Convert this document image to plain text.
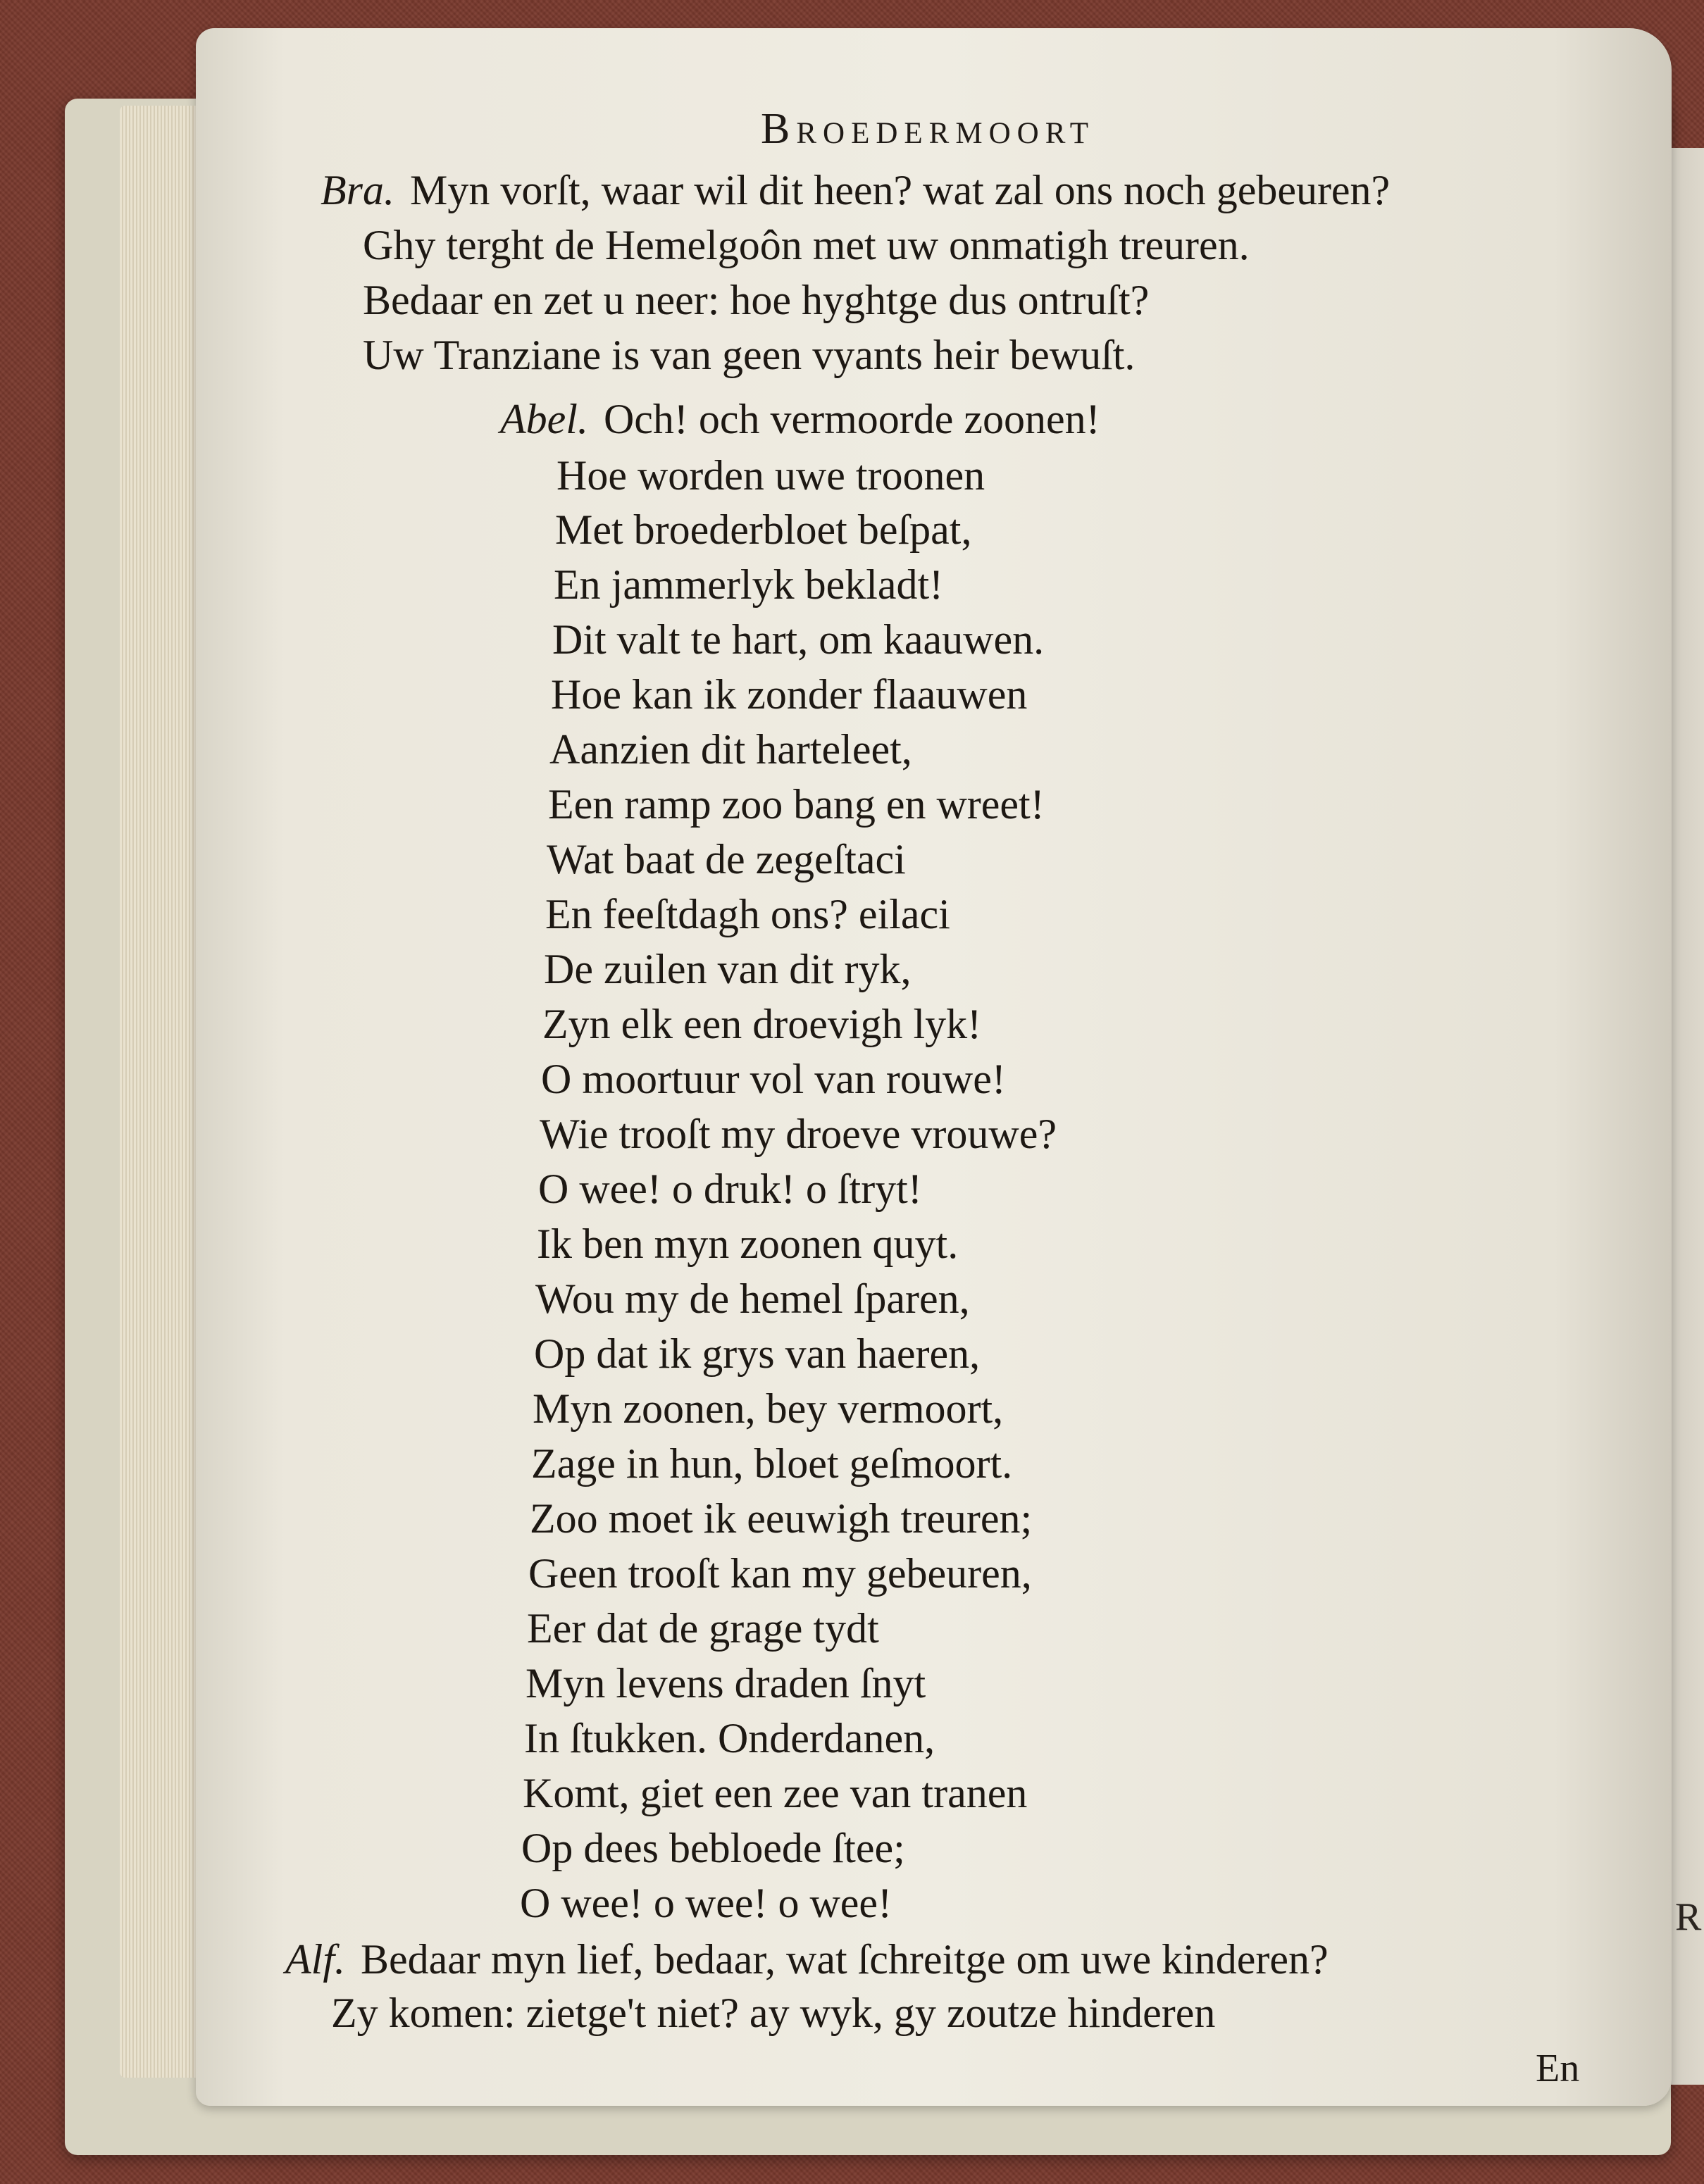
R
Broedermoort
Bra. Myn vorſt, waar wil dit heen? wat zal ons noch gebeuren?
Ghy terght de Hemelgoôn met uw onmatigh treuren.
Bedaar en zet u neer: hoe hyghtge dus ontruſt?
Uw Tranziane is van geen vyants heir bewuſt.
Abel. Och! och vermoorde zoonen!
Hoe worden uwe troonen
Met broederbloet beſpat,
En jammerlyk bekladt!
Dit valt te hart, om kaauwen.
Hoe kan ik zonder flaauwen
Aanzien dit harteleet,
Een ramp zoo bang en wreet!
Wat baat de zegeſtaci
En feeſtdagh ons? eilaci
De zuilen van dit ryk,
Zyn elk een droevigh lyk!
O moortuur vol van rouwe!
Wie trooſt my droeve vrouwe?
O wee! o druk! o ſtryt!
Ik ben myn zoonen quyt.
Wou my de hemel ſparen,
Op dat ik grys van haeren,
Myn zoonen, bey vermoort,
Zage in hun, bloet geſmoort.
Zoo moet ik eeuwigh treuren;
Geen trooſt kan my gebeuren,
Eer dat de grage tydt
Myn levens draden ſnyt
In ſtukken. Onderdanen,
Komt, giet een zee van tranen
Op dees bebloede ſtee;
O wee! o wee! o wee!
Alf. Bedaar myn lief, bedaar, wat ſchreitge om uwe kinderen?
Zy komen: zietge't niet? ay wyk, gy zoutze hinderen
En
